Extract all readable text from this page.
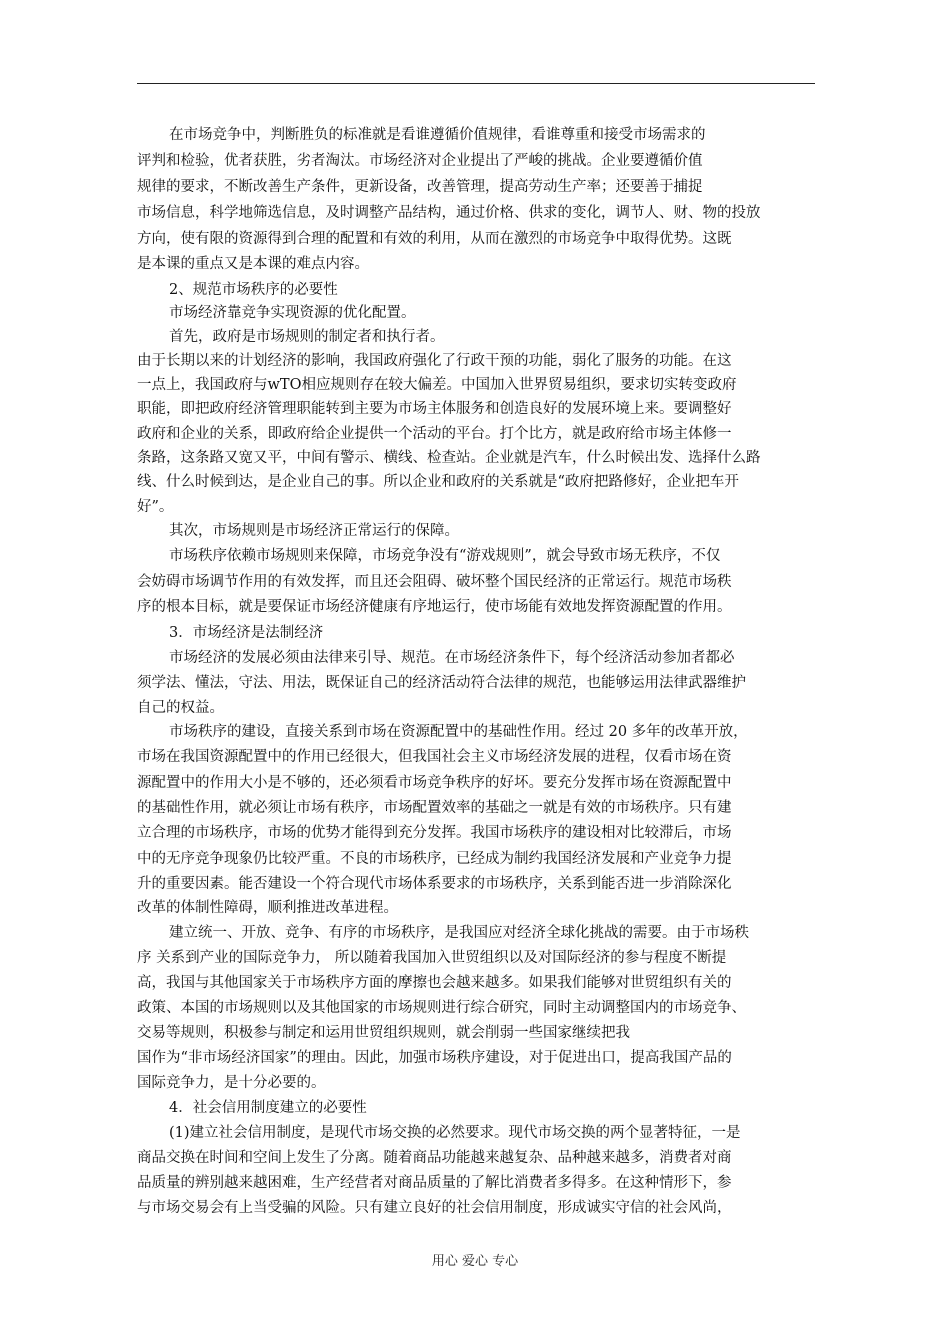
在市场竞争中，判断胜负的标准就是看谁遵循价值规律，看谁尊重和接受市场需求的
评判和检验，优者获胜，劣者淘汰。市场经济对企业提出了严峻的挑战。企业要遵循价值
规律的要求，不断改善生产条件，更新设备，改善管理，提高劳动生产率；还要善于捕捉
市场信息，科学地筛选信息，及时调整产品结构，通过价格、供求的变化，调节人、财、物的投放
方向，使有限的资源得到合理的配置和有效的利用，从而在激烈的市场竞争中取得优势。这既
是本课的重点又是本课的难点内容。
2、规范市场秩序的必要性
市场经济靠竞争实现资源的优化配置。
首先，政府是市场规则的制定者和执行者。
由于长期以来的计划经济的影响，我国政府强化了行政干预的功能，弱化了服务的功能。在这
一点上，我国政府与wTO相应规则存在较大偏差。中国加入世界贸易组织，要求切实转变政府
职能，即把政府经济管理职能转到主要为市场主体服务和创造良好的发展环境上来。要调整好
政府和企业的关系，即政府给企业提供一个活动的平台。打个比方，就是政府给市场主体修一
条路，这条路又宽又平，中间有警示、横线、检查站。企业就是汽车，什么时候出发、选择什么路
线、什么时候到达，是企业自己的事。所以企业和政府的关系就是“政府把路修好，企业把车开
好”。
其次，市场规则是市场经济正常运行的保障。
市场秩序依赖市场规则来保障，市场竞争没有“游戏规则”，就会导致市场无秩序，不仅
会妨碍市场调节作用的有效发挥，而且还会阻碍、破坏整个国民经济的正常运行。规范市场秩
序的根本目标，就是要保证市场经济健康有序地运行，使市场能有效地发挥资源配置的作用。
3．市场经济是法制经济
市场经济的发展必须由法律来引导、规范。在市场经济条件下，每个经济活动参加者都必
须学法、懂法，守法、用法，既保证自己的经济活动符合法律的规范，也能够运用法律武器维护
自己的权益。
市场秩序的建设，直接关系到市场在资源配置中的基础性作用。经过 20 多年的改革开放，
市场在我国资源配置中的作用已经很大，但我国社会主义市场经济发展的进程，仅看市场在资
源配置中的作用大小是不够的，还必须看市场竞争秩序的好坏。要充分发挥市场在资源配置中
的基础性作用，就必须让市场有秩序，市场配置效率的基础之一就是有效的市场秩序。只有建
立合理的市场秩序，市场的优势才能得到充分发挥。我国市场秩序的建设相对比较滞后，市场
中的无序竞争现象仍比较严重。不良的市场秩序，已经成为制约我国经济发展和产业竞争力提
升的重要因素。能否建设一个符合现代市场体系要求的市场秩序，关系到能否进一步消除深化
改革的体制性障碍，顺利推进改革进程。
建立统一、开放、竞争、有序的市场秩序，是我国应对经济全球化挑战的需要。由于市场秩
序 关系到产业的国际竞争力， 所以随着我国加入世贸组织以及对国际经济的参与程度不断提
高，我国与其他国家关于市场秩序方面的摩擦也会越来越多。如果我们能够对世贸组织有关的
政策、本国的市场规则以及其他国家的市场规则进行综合研究，同时主动调整国内的市场竞争、
交易等规则，积极参与制定和运用世贸组织规则，就会削弱一些国家继续把我
国作为“非市场经济国家”的理由。因此，加强市场秩序建设，对于促进出口，提高我国产品的
国际竞争力，是十分必要的。
4．社会信用制度建立的必要性
(1)建立社会信用制度，是现代市场交换的必然要求。现代市场交换的两个显著特征，一是
商品交换在时间和空间上发生了分离。随着商品功能越来越复杂、品种越来越多，消费者对商
品质量的辨别越来越困难，生产经营者对商品质量的了解比消费者多得多。在这种情形下，参
与市场交易会有上当受骗的风险。只有建立良好的社会信用制度，形成诚实守信的社会风尚，
用心 爱心 专心
